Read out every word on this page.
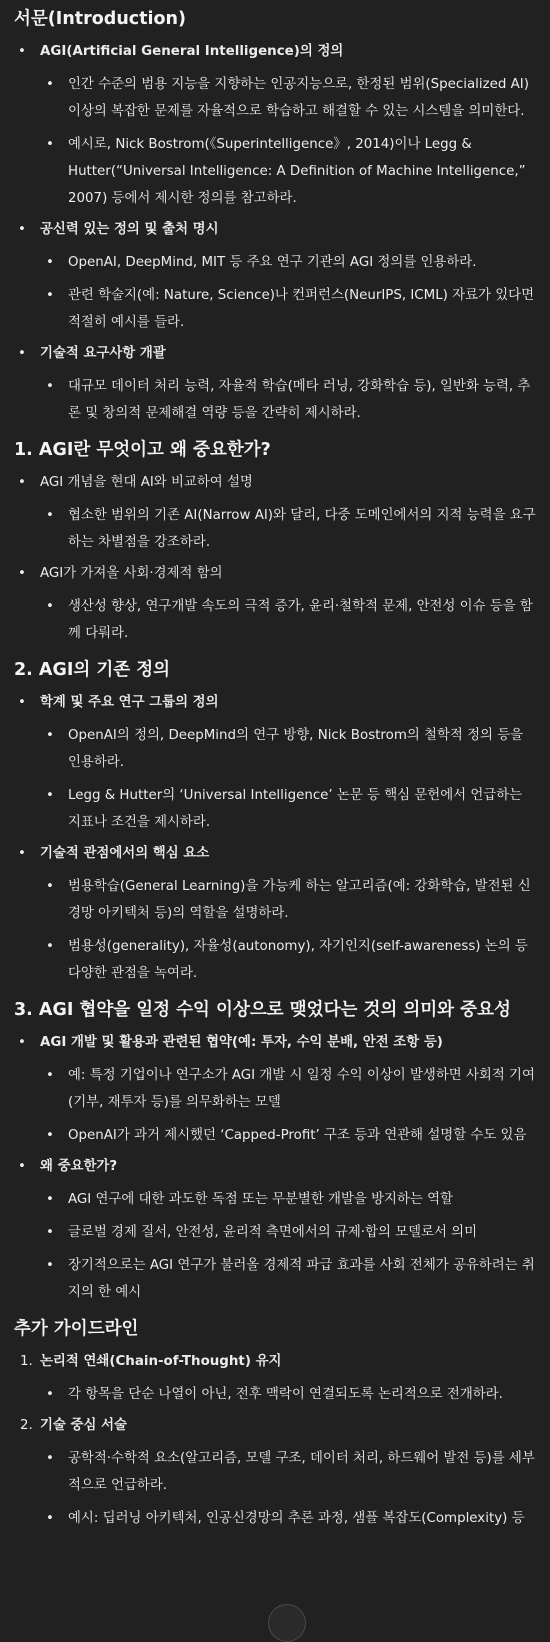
서문(Introduction)
• AGI(Artificial General Intelligence)의 정의
• 인간 수준의 범용 지능을 지향하는 인공지능으로, 한정된 범위(Specialized AI) 이상의 복잡한 문제를 자율적으로 학습하고 해결할 수 있는 시스템을 의미한다.
• 예시로, Nick Bostrom(《Superintelligence》, 2014)이나 Legg & Hutter(“Universal Intelligence: A Definition of Machine Intelligence,” 2007) 등에서 제시한 정의를 참고하라.
• 공신력 있는 정의 및 출처 명시
• OpenAI, DeepMind, MIT 등 주요 연구 기관의 AGI 정의를 인용하라.
• 관련 학술지(예: Nature, Science)나 컨퍼런스(NeurIPS, ICML) 자료가 있다면 적절히 예시를 들라.
• 기술적 요구사항 개괄
• 대규모 데이터 처리 능력, 자율적 학습(메타 러닝, 강화학습 등), 일반화 능력, 추론 및 창의적 문제해결 역량 등을 간략히 제시하라.
1. AGI란 무엇이고 왜 중요한가?
• AGI 개념을 현대 AI와 비교하여 설명
• 협소한 범위의 기존 AI(Narrow AI)와 달리, 다중 도메인에서의 지적 능력을 요구하는 차별점을 강조하라.
• AGI가 가져올 사회·경제적 함의
• 생산성 향상, 연구개발 속도의 극적 증가, 윤리·철학적 문제, 안전성 이슈 등을 함께 다뤄라.
2. AGI의 기존 정의
• 학계 및 주요 연구 그룹의 정의
• OpenAI의 정의, DeepMind의 연구 방향, Nick Bostrom의 철학적 정의 등을 인용하라.
• Legg & Hutter의 ‘Universal Intelligence’ 논문 등 핵심 문헌에서 언급하는 지표나 조건을 제시하라.
• 기술적 관점에서의 핵심 요소
• 범용학습(General Learning)을 가능케 하는 알고리즘(예: 강화학습, 발전된 신경망 아키텍처 등)의 역할을 설명하라.
• 범용성(generality), 자율성(autonomy), 자기인지(self-awareness) 논의 등 다양한 관점을 녹여라.
3. AGI 협약을 일정 수익 이상으로 맺었다는 것의 의미와 중요성
• AGI 개발 및 활용과 관련된 협약(예: 투자, 수익 분배, 안전 조항 등)
• 예: 특정 기업이나 연구소가 AGI 개발 시 일정 수익 이상이 발생하면 사회적 기여(기부, 재투자 등)를 의무화하는 모델
• OpenAI가 과거 제시했던 ‘Capped-Profit’ 구조 등과 연관해 설명할 수도 있음
• 왜 중요한가?
• AGI 연구에 대한 과도한 독점 또는 무분별한 개발을 방지하는 역할
• 글로벌 경제 질서, 안전성, 윤리적 측면에서의 규제·합의 모델로서 의미
• 장기적으로는 AGI 연구가 불러올 경제적 파급 효과를 사회 전체가 공유하려는 취지의 한 예시
추가 가이드라인
1. 논리적 연쇄(Chain-of-Thought) 유지
• 각 항목을 단순 나열이 아닌, 전후 맥락이 연결되도록 논리적으로 전개하라.
2. 기술 중심 서술
• 공학적·수학적 요소(알고리즘, 모델 구조, 데이터 처리, 하드웨어 발전 등)를 세부적으로 언급하라.
• 예시: 딥러닝 아키텍처, 인공신경망의 추론 과정, 샘플 복잡도(Complexity) 등
